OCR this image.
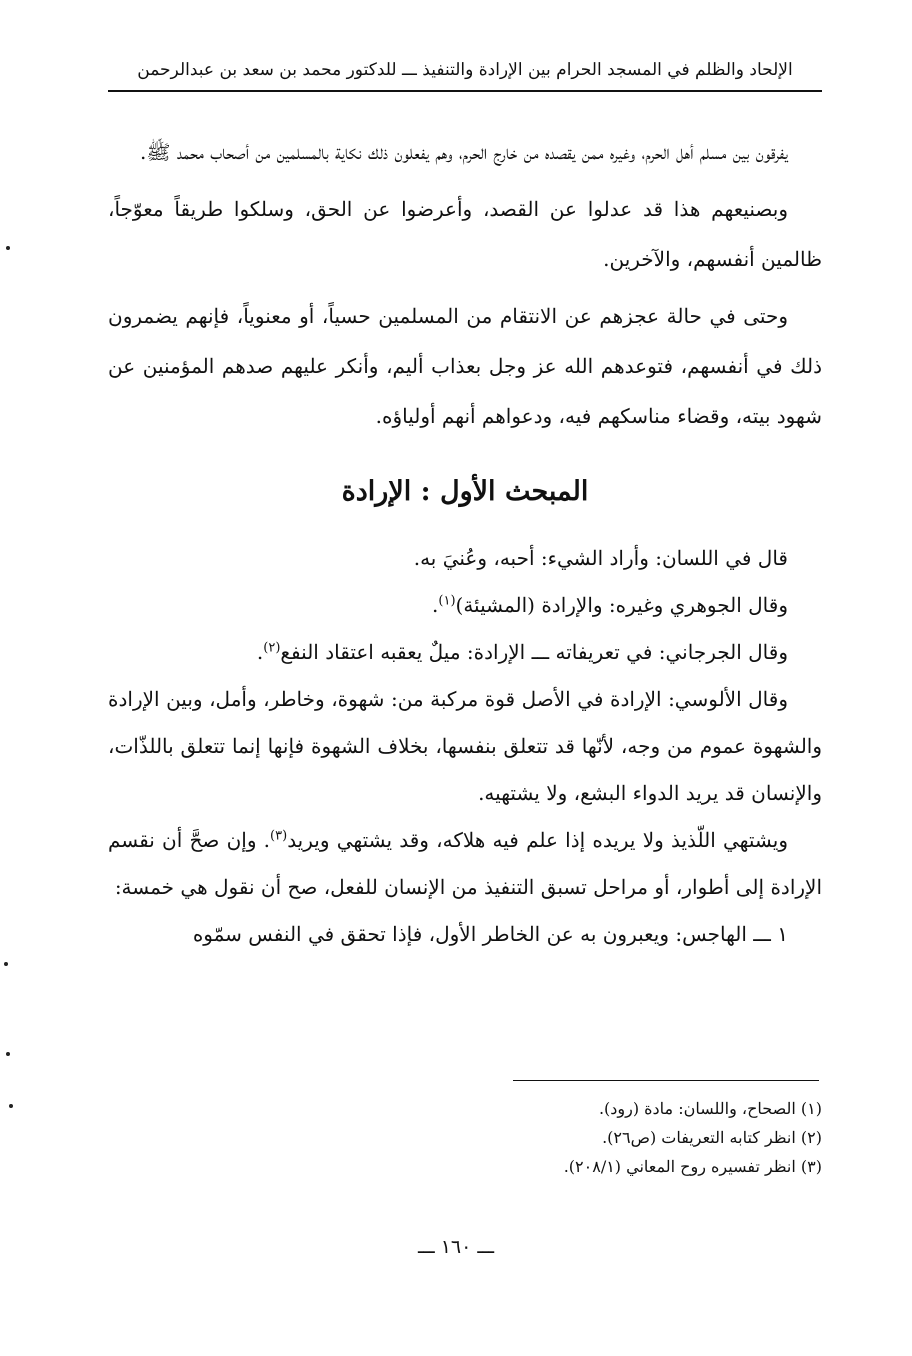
الإلحاد والظلم في المسجد الحرام بين الإرادة والتنفيذ ـــ للدكتور محمد بن سعد بن عبدالرحمن

يفرقون بين مسلم أهل الحرم، وغيره ممن يقصده من خارج الحرم، وهم يفعلون ذلك نكاية بالمسلمين من أصحاب محمد ﷺ.

وبصنيعهم هذا قد عدلوا عن القصد، وأعرضوا عن الحق، وسلكوا طريقاً معوّجاً، ظالمين أنفسهم، والآخرين.

وحتى في حالة عجزهم عن الانتقام من المسلمين حسياً، أو معنوياً، فإنهم يضمرون ذلك في أنفسهم، فتوعدهم الله عز وجل بعذاب أليم، وأنكر عليهم صدهم المؤمنين عن شهود بيته، وقضاء مناسكهم فيه، ودعواهم أنهم أولياؤه.

المبحث الأول : الإرادة

قال في اللسان: وأراد الشيء: أحبه، وعُنيَ به.

وقال الجوهري وغيره: والإرادة (المشيئة)$^{(١)}$.

وقال الجرجاني: في تعريفاته ـــ الإرادة: ميلٌ يعقبه اعتقاد النفع$^{(٢)}$.

وقال الألوسي: الإرادة في الأصل قوة مركبة من: شهوة، وخاطر، وأمل، وبين الإرادة والشهوة عموم من وجه، لأنّها قد تتعلق بنفسها، بخلاف الشهوة فإنها إنما تتعلق باللذّات، والإنسان قد يريد الدواء البشع، ولا يشتهيه.

ويشتهي اللّذيذ ولا يريده إذا علم فيه هلاكه، وقد يشتهي ويريد$^{(٣)}$. وإن صحَّ أن نقسم الإرادة إلى أطوار، أو مراحل تسبق التنفيذ من الإنسان للفعل، صح أن نقول هي خمسة:

١ ـــ الهاجس: ويعبرون به عن الخاطر الأول، فإذا تحقق في النفس سمّوه

(١) الصحاح، واللسان: مادة (رود).

(٢) انظر كتابه التعريفات (ص٢٦).

(٣) انظر تفسيره روح المعاني (٢٠٨/١).

ـــ ١٦٠ ـــ
